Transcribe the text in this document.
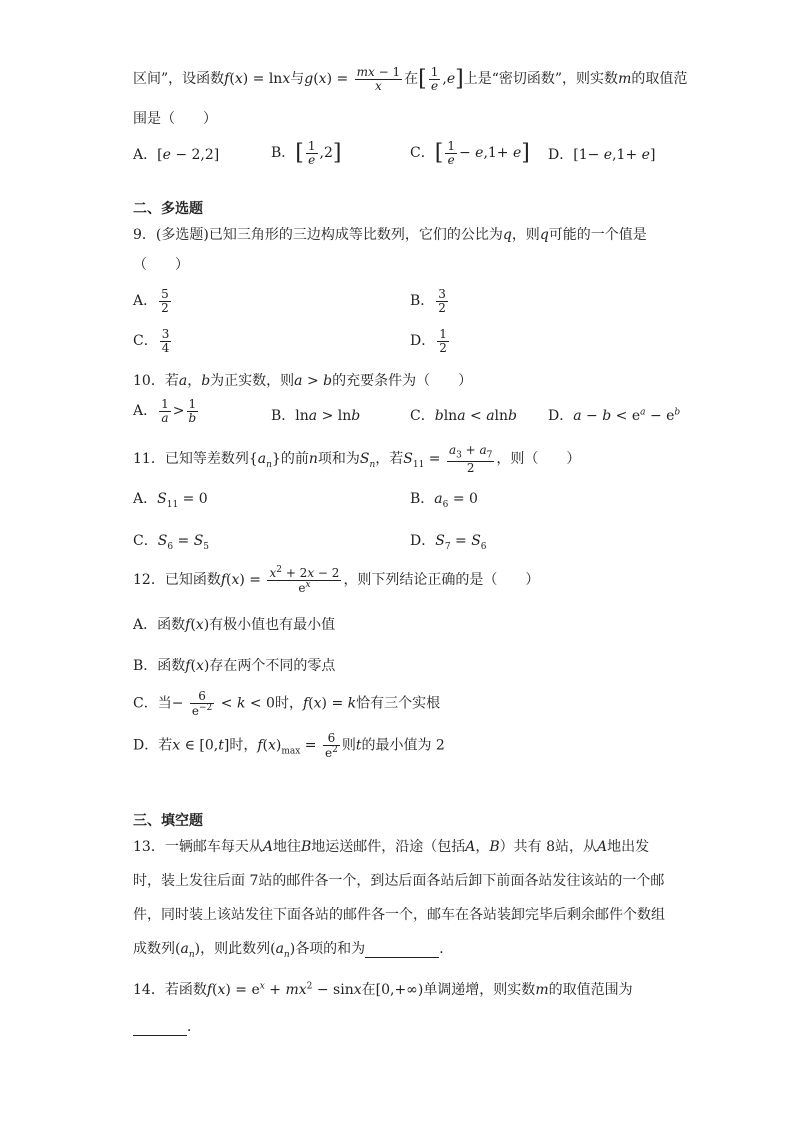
区间”，设函数f(x) = lnx与$g(x) = \frac{mx - 1}{x}$ 在[ $\frac{1}{e} ,e$]上是“密切函数”，则实数m的取值范
围是（　　）
A．[e − 2,2]	B．[ $\frac{1}{e} ,2$]	C．[ $\frac{1}{e} - e,1+ e$] D．[1− e,1+ e]
二、多选题
9．(多选题)已知三角形的三边构成等比数列，它们的公比为q，则q可能的一个值是
（　　）
A． $\frac{5}{2}$	B． $\frac{3}{2}$
C． $\frac{3}{4}$	D． $\frac{1}{2}$
10．若a，b为正实数，则a > b的充要条件为（　　）
A． $\frac{1}{a} > \frac{1}{b}$	B．lna > lnb	C．blna < alnb D．$a - b < e^a - e^b$
11．已知等差数列$\{a_n\}$的前n项和为$S_n$，若$S_{11} = \frac{a_3 + a_7}{2}$ ，则（　　）
A．$S_{11} = 0$	B．$a_6 = 0$
C．$S_6 = S_5$	D．$S_7 = S_6$
12．已知函数$f(x) = \frac{x^2 + 2x - 2}{e^x}$ ，则下列结论正确的是（　　）
A．函数f(x)有极小值也有最小值
B．函数f(x)存在两个不同的零点
C．当− $\frac{6}{e^{-2}} < k < 0$时，f(x) = k恰有三个实根
D．若x ∈ [0,t]时，$f(x)_{max} = \frac{6}{e^2}$ 则t的最小值为 2
三、填空题
13．一辆邮车每天从A地往B地运送邮件，沿途（包括A，B）共有 8站，从A地出发
时，装上发往后面 7站的邮件各一个，到达后面各站后卸下前面各站发往该站的一个邮
件，同时装上该站发往下面各站的邮件各一个，邮车在各站装卸完毕后剩余邮件个数组
成数列$(a_n)$，则此数列$(a_n)$各项的和为	．
14．若函数$f(x) = e^x + mx^2 - \sin x$在[0,+∞)单调递增，则实数m的取值范围为
．
